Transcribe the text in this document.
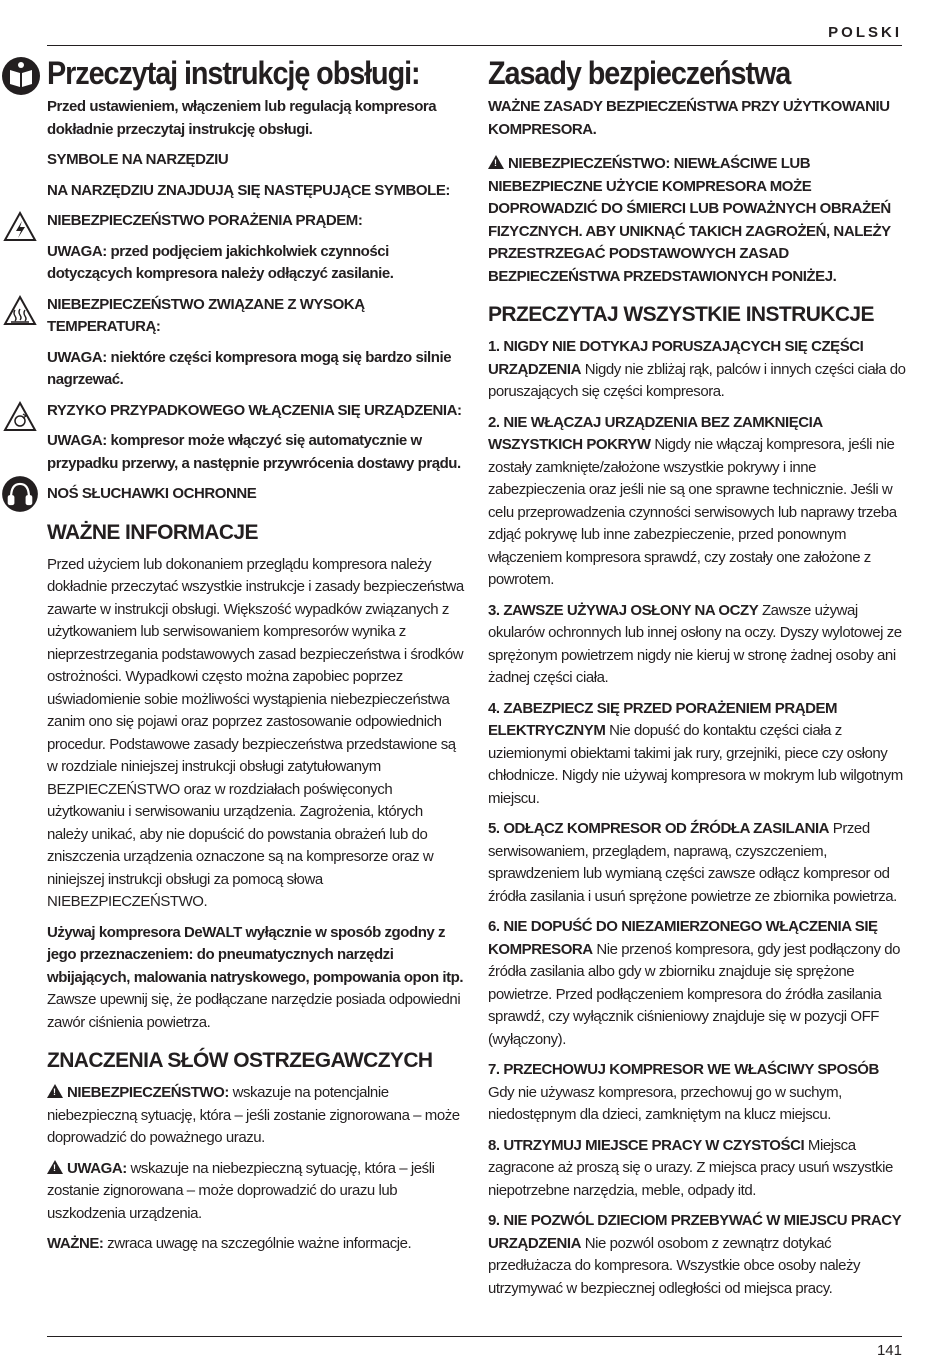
POLSKI
Przeczytaj instrukcję obsługi:

Przed ustawieniem, włączeniem lub regulacją kompresora dokładnie przeczytaj instrukcję obsługi.

SYMBOLE NA NARZĘDZIU

NA NARZĘDZIU ZNAJDUJĄ SIĘ NASTĘPUJĄCE SYMBOLE:

NIEBEZPIECZEŃSTWO PORAŻENIA PRĄDEM:

UWAGA: przed podjęciem jakichkolwiek czynności dotyczących kompresora należy odłączyć zasilanie.

NIEBEZPIECZEŃSTWO ZWIĄZANE Z WYSOKĄ TEMPERATURĄ:

UWAGA: niektóre części kompresora mogą się bardzo silnie nagrzewać.

RYZYKO PRZYPADKOWEGO WŁĄCZENIA SIĘ URZĄDZENIA:

UWAGA: kompresor może włączyć się automatycznie w przypadku przerwy, a następnie przywrócenia dostawy prądu.

NOŚ SŁUCHAWKI OCHRONNE

WAŻNE INFORMACJE

Przed użyciem lub dokonaniem przeglądu kompresora należy dokładnie przeczytać wszystkie instrukcje i zasady bezpieczeństwa zawarte w instrukcji obsługi. Większość wypadków związanych z użytkowaniem lub serwisowaniem kompresorów wynika z nieprzestrzegania podstawowych zasad bezpieczeństwa i środków ostrożności. Wypadkowi często można zapobiec poprzez uświadomienie sobie możliwości wystąpienia niebezpieczeństwa zanim ono się pojawi oraz poprzez zastosowanie odpowiednich procedur. Podstawowe zasady bezpieczeństwa przedstawione są w rozdziale niniejszej instrukcji obsługi zatytułowanym BEZPIECZEŃSTWO oraz w rozdziałach poświęconych użytkowaniu i serwisowaniu urządzenia. Zagrożenia, których należy unikać, aby nie dopuścić do powstania obrażeń lub do zniszczenia urządzenia oznaczone są na kompresorze oraz w niniejszej instrukcji obsługi za pomocą słowa NIEBEZPIECZEŃSTWO.

Używaj kompresora DeWALT wyłącznie w sposób zgodny z jego przeznaczeniem: do pneumatycznych narzędzi wbijających, malowania natryskowego, pompowania opon itp. Zawsze upewnij się, że podłączane narzędzie posiada odpowiedni zawór ciśnienia powietrza.

ZNACZENIA SŁÓW OSTRZEGAWCZYCH

!NIEBEZPIECZEŃSTWO: wskazuje na potencjalnie niebezpieczną sytuację, która – jeśli zostanie zignorowana – może doprowadzić do poważnego urazu.

!UWAGA: wskazuje na niebezpieczną sytuację, która – jeśli zostanie zignorowana – może doprowadzić do urazu lub uszkodzenia urządzenia.

WAŻNE: zwraca uwagę na szczególnie ważne informacje.

Zasady bezpieczeństwa

WAŻNE ZASADY BEZPIECZEŃSTWA PRZY UŻYTKOWANIU KOMPRESORA.

!NIEBEZPIECZEŃSTWO: NIEWŁAŚCIWE LUB NIEBEZPIECZNE UŻYCIE KOMPRESORA MOŻE DOPROWADZIĆ DO ŚMIERCI LUB POWAŻNYCH OBRAŻEŃ FIZYCZNYCH. ABY UNIKNĄĆ TAKICH ZAGROŻEŃ, NALEŻY PRZESTRZEGAĆ PODSTAWOWYCH ZASAD BEZPIECZEŃSTWA PRZEDSTAWIONYCH PONIŻEJ.

PRZECZYTAJ WSZYSTKIE INSTRUKCJE

1. NIGDY NIE DOTYKAJ PORUSZAJĄCYCH SIĘ CZĘŚCI URZĄDZENIA Nigdy nie zbliżaj rąk, palców i innych części ciała do poruszających się części kompresora.

2. NIE WŁĄCZAJ URZĄDZENIA BEZ ZAMKNIĘCIA WSZYSTKICH POKRYW Nigdy nie włączaj kompresora, jeśli nie zostały zamknięte/założone wszystkie pokrywy i inne zabezpieczenia oraz jeśli nie są one sprawne technicznie. Jeśli w celu przeprowadzenia czynności serwisowych lub naprawy trzeba zdjąć pokrywę lub inne zabezpieczenie, przed ponownym włączeniem kompresora sprawdź, czy zostały one założone z powrotem.

3. ZAWSZE UŻYWAJ OSŁONY NA OCZY Zawsze używaj okularów ochronnych lub innej osłony na oczy. Dyszy wylotowej ze sprężonym powietrzem nigdy nie kieruj w stronę żadnej osoby ani żadnej części ciała.

4. ZABEZPIECZ SIĘ PRZED PORAŻENIEM PRĄDEM ELEKTRYCZNYM Nie dopuść do kontaktu części ciała z uziemionymi obiektami takimi jak rury, grzejniki, piece czy osłony chłodnicze. Nigdy nie używaj kompresora w mokrym lub wilgotnym miejscu.

5. ODŁĄCZ KOMPRESOR OD ŹRÓDŁA ZASILANIA Przed serwisowaniem, przeglądem, naprawą, czyszczeniem, sprawdzeniem lub wymianą części zawsze odłącz kompresor od źródła zasilania i usuń sprężone powietrze ze zbiornika powietrza.

6. NIE DOPUŚĆ DO NIEZAMIERZONEGO WŁĄCZENIA SIĘ KOMPRESORA Nie przenoś kompresora, gdy jest podłączony do źródła zasilania albo gdy w zbiorniku znajduje się sprężone powietrze. Przed podłączeniem kompresora do źródła zasilania sprawdź, czy wyłącznik ciśnieniowy znajduje się w pozycji OFF (wyłączony).

7. PRZECHOWUJ KOMPRESOR WE WŁAŚCIWY SPOSÓB Gdy nie używasz kompresora, przechowuj go w suchym, niedostępnym dla dzieci, zamkniętym na klucz miejscu.

8. UTRZYMUJ MIEJSCE PRACY W CZYSTOŚCI Miejsca zagracone aż proszą się o urazy. Z miejsca pracy usuń wszystkie niepotrzebne narzędzia, meble, odpady itd.

9. NIE POZWÓL DZIECIOM PRZEBYWAĆ W MIEJSCU PRACY URZĄDZENIA Nie pozwól osobom z zewnątrz dotykać przedłużacza do kompresora. Wszystkie obce osoby należy utrzymywać w bezpiecznej odległości od miejsca pracy.

141
